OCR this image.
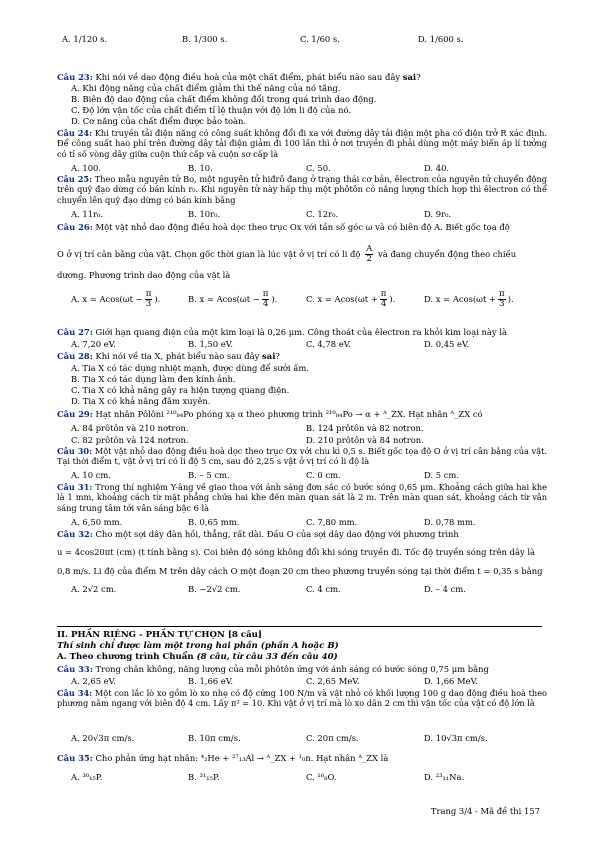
A. 1/120 s.	B. 1/300 s.	C. 1/60 s.	D. 1/600 s.
Câu 23: Khi nói về dao động điều hoà của một chất điểm, phát biểu nào sau đây sai?
A. Khi động năng của chất điểm giảm thì thế năng của nó tăng.
B. Biên độ dao động của chất điểm không đổi trong quá trình dao động.
C. Độ lớn vận tốc của chất điểm tỉ lệ thuận với độ lớn li độ của nó.
D. Cơ năng của chất điểm được bảo toàn.
Câu 24: Khi truyền tải điện năng có công suất không đổi đi xa với đường dây tải điện một pha có điện trở R xác định. Để công suất hao phí trên đường dây tải điện giảm đi 100 lần thì ở nơi truyền đi phải dùng một máy biến áp lí tưởng có tỉ số vòng dây giữa cuộn thứ cấp và cuộn sơ cấp là
A. 100.	B. 10.	C. 50.	D. 40.
Câu 25: Theo mẫu nguyên tử Bo, một nguyên tử hiđrô đang ở trạng thái cơ bản, êlectron của nguyên tử chuyển động trên quỹ đạo dừng có bán kính r₀. Khi nguyên tử này hấp thụ một phôtôn có năng lượng thích hợp thì êlectron có thể chuyển lên quỹ đạo dừng có bán kính bằng
A. 11r₀.	B. 10r₀.	C. 12r₀.	D. 9r₀.
Câu 26: Một vật nhỏ dao động điều hoà dọc theo trục Ox với tần số góc ω và có biên độ A. Biết gốc tọa độ
O ở vị trí cân bằng của vật. Chọn gốc thời gian là lúc vật ở vị trí có li độ $\frac{A}{2}$ và đang chuyển động theo chiều
dương. Phương trình dao động của vật là
A. $x = Acos(\omega t - \frac{\pi}{3}$ ).	B. $x = Acos(\omega t - \frac{\pi}{4}$ ).	C. $x = Acos(\omega t + \frac{\pi}{4}$ ).	D. $x = Acos(\omega t + \frac{\pi}{3}$ ).
Câu 27: Giới hạn quang điện của một kim loại là 0,26 μm. Công thoát của êlectron ra khỏi kim loại này là
A. 7,20 eV.	B. 1,50 eV.	C. 4,78 eV.	D. 0,45 eV.
Câu 28: Khi nói về tia X, phát biểu nào sau đây sai?
A. Tia X có tác dụng nhiệt mạnh, được dùng để sưởi ấm.
B. Tia X có tác dụng làm đen kính ảnh.
C. Tia X có khả năng gây ra hiện tượng quang điện.
D. Tia X có khả năng đâm xuyên.
Câu 29: Hạt nhân Pôlôni ²¹⁰₈₄Po phóng xạ α theo phương trình ²¹⁰₈₄Po → α + ᴬ_ZX. Hạt nhân ᴬ_ZX có
A. 84 prôtôn và 210 nơtron.	B. 124 prôtôn và 82 nơtron.
C. 82 prôtôn và 124 nơtron.	D. 210 prôtôn và 84 nơtron.
Câu 30: Một vật nhỏ dao động điều hoà dọc theo trục Ox với chu kì 0,5 s. Biết gốc tọa độ O ở vị trí cân bằng của vật. Tại thời điểm t, vật ở vị trí có li độ 5 cm, sau đó 2,25 s vật ở vị trí có li độ là
A. 10 cm.	B. – 5 cm.	C. 0 cm.	D. 5 cm.
Câu 31: Trong thí nghiệm Y-âng về giao thoa với ánh sáng đơn sắc có bước sóng 0,65 μm. Khoảng cách giữa hai khe là 1 mm, khoảng cách từ mặt phẳng chứa hai khe đến màn quan sát là 2 m. Trên màn quan sát, khoảng cách từ vân sáng trung tâm tới vân sáng bậc 6 là
A. 6,50 mm.	B. 0,65 mm.	C. 7,80 mm.	D. 0,78 mm.
Câu 32: Cho một sợi dây đàn hồi, thẳng, rất dài. Đầu O của sợi dây dao động với phương trình
u = 4cos20πt (cm) (t tính bằng s). Coi biên độ sóng không đổi khi sóng truyền đi. Tốc độ truyền sóng trên dây là
0,8 m/s. Li độ của điểm M trên dây cách O một đoạn 20 cm theo phương truyền sóng tại thời điểm t = 0,35 s bằng
A. 2√2 cm.	B. −2√2 cm.	C. 4 cm.	D. – 4 cm.
II. PHẦN RIÊNG - PHẦN TỰ CHỌN [8 câu]
Thí sinh chỉ được làm một trong hai phần (phần A hoặc B)
A. Theo chương trình Chuẩn (8 câu, từ câu 33 đến câu 40)
Câu 33: Trong chân không, năng lượng của mỗi phôtôn ứng với ánh sáng có bước sóng 0,75 μm bằng
A. 2,65 eV.	B. 1,66 eV.	C. 2,65 MeV.	D. 1,66 MeV.
Câu 34: Một con lắc lò xo gồm lò xo nhẹ có độ cứng 100 N/m và vật nhỏ có khối lượng 100 g dao động điều hoà theo phương nằm ngang với biên độ 4 cm. Lấy π² = 10. Khi vật ở vị trí mà lò xo dãn 2 cm thì vận tốc của vật có độ lớn là
A. 20√3π cm/s.	B. 10π cm/s.	C. 20π cm/s.	D. 10√3π cm/s.
Câu 35: Cho phản ứng hạt nhân: ⁴₂He + ²⁷₁₃Al → ᴬ_ZX + ¹₀n. Hạt nhân ᴬ_ZX là
A. ³⁰₁₅P.	B. ³¹₁₅P.	C. ¹⁶₈O.	D. ²³₁₁Na.
Trang 3/4 - Mã đề thi 157
